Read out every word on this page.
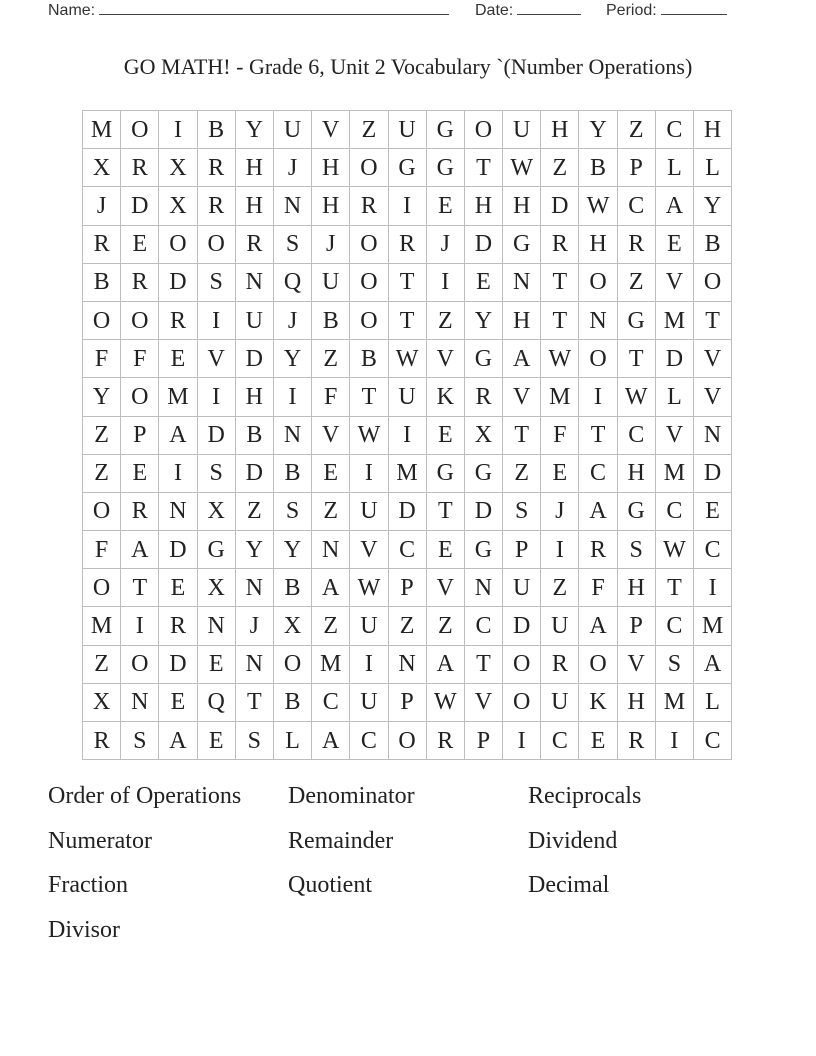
Name:	Date:	Period:
GO MATH! - Grade 6, Unit 2 Vocabulary `(Number Operations)
M O	I	B Y U V Z U G O U H Y Z C H
X R X R H	J	H O G G T W Z B P	L L
J	D X R H N H R	I	E H H D W C A Y
R E O O R S	J	O R	J	D G R H R E B
B R D S N Q U O T	I	E N T O Z V O
O O R	I	U	J	B O T Z Y H T N G M T
F	F	E V D Y Z B W V G A W O T D V
Y O M I	H	I	F	T U K R V M I W L V
Z	P A D B N V W I	E X T	F	T C V N
Z E	I	S D B E	I M G G Z E C H M D
O R N X Z	S	Z U D T D S	J	A G C E
F A D G Y Y N V C E G P	I	R S W C
O T E X N B A W P V N U Z	F H T	I
M I	R N	J	X Z U Z Z C D U A P C M
Z O D E N O M I	N A T O R O V S A
X N E Q T B C U P W V O U K H M L
R S A E	S	L A C O R P	I	C E R	I	C
Order of Operations	Denominator	Reciprocals
Numerator	Remainder	Dividend
Fraction	Quotient	Decimal
Divisor
